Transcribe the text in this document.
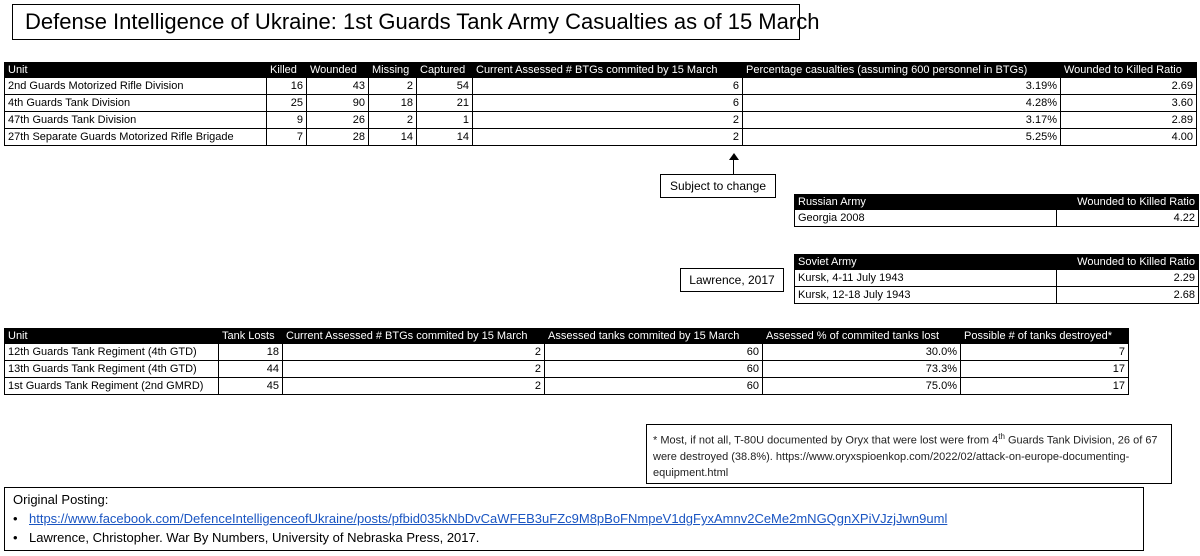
Defense Intelligence of Ukraine: 1st Guards Tank Army Casualties as of 15 March
Unit	Killed	Wounded	Missing	Captured	Current Assessed # BTGs commited by 15 March	Percentage casualties (assuming 600 personnel in BTGs)	Wounded to Killed Ratio
2nd Guards Motorized Rifle Division	16	43	2	54	6	3.19%	2.69
4th Guards Tank Division	25	90	18	21	6	4.28%	3.60
47th Guards Tank Division	9	26	2	1	2	3.17%	2.89
27th Separate Guards Motorized Rifle Brigade	7	28	14	14	2	5.25%	4.00
Subject to change
Russian Army	Wounded to Killed Ratio
Georgia 2008	4.22
Lawrence, 2017
Soviet Army	Wounded to Killed Ratio
Kursk, 4-11 July 1943	2.29
Kursk, 12-18 July 1943	2.68
Unit	Tank Losts	Current Assessed # BTGs commited by 15 March	Assessed tanks commited by 15 March	Assessed % of commited tanks lost	Possible # of tanks destroyed*
12th Guards Tank Regiment (4th GTD)	18	2	60	30.0%	7
13th Guards Tank Regiment (4th GTD)	44	2	60	73.3%	17
1st Guards Tank Regiment (2nd GMRD)	45	2	60	75.0%	17
* Most, if not all, T-80U documented by Oryx that were lost were from 4th Guards Tank Division, 26 of 67 were destroyed (38.8%). https://www.oryxspioenkop.com/2022/02/attack-on-europe-documenting-equipment.html
Original Posting:
• https://www.facebook.com/DefenceIntelligenceofUkraine/posts/pfbid035kNbDvCaWFEB3uFZc9M8pBoFNmpeV1dgFyxAmnv2CeMe2mNGQgnXPiVJzjJwn9uml
• Lawrence, Christopher. War By Numbers, University of Nebraska Press, 2017.
